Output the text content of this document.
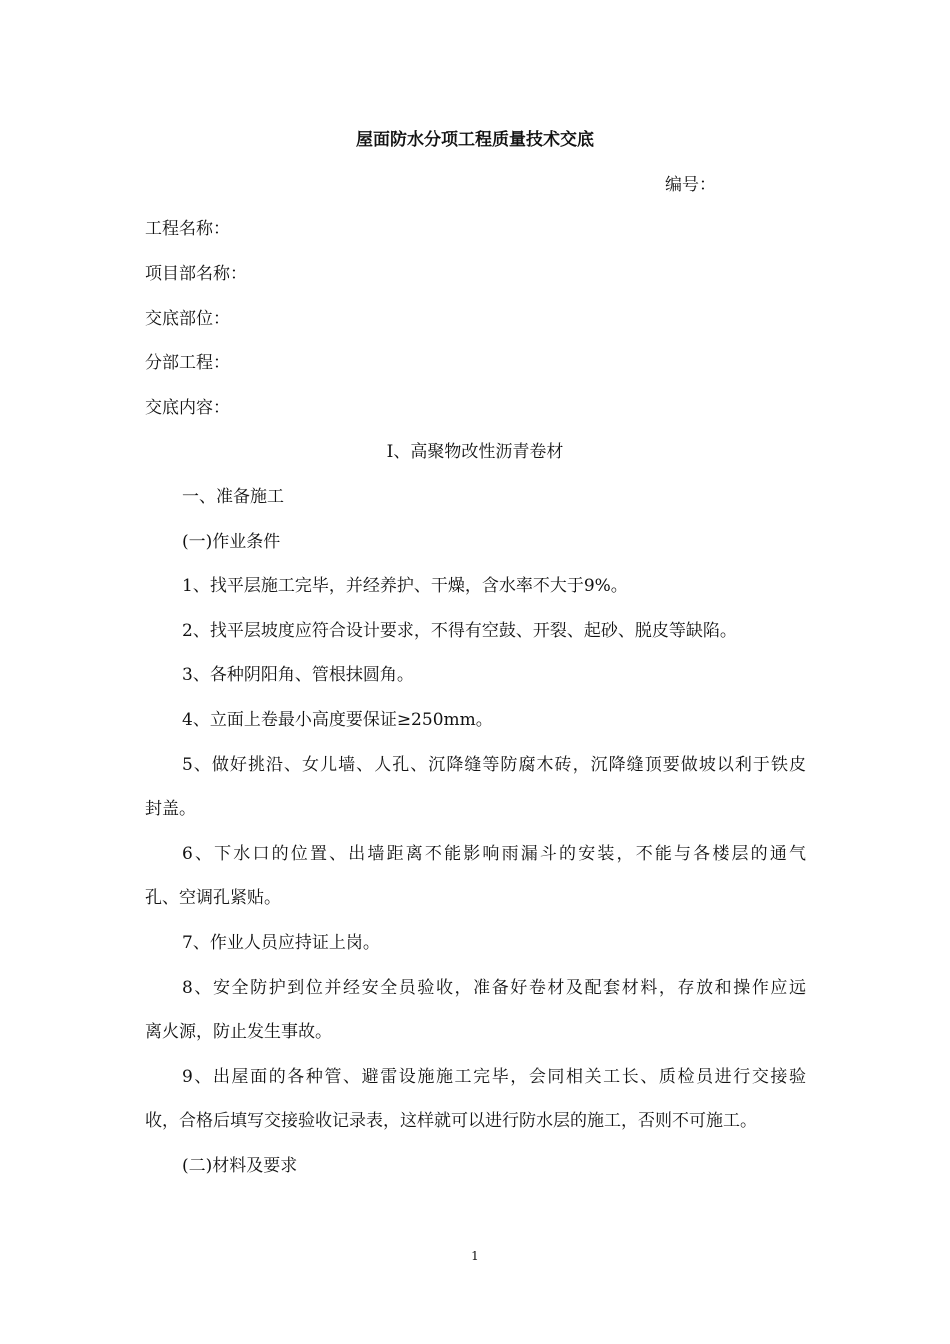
屋面防水分项工程质量技术交底
编号：
工程名称：
项目部名称：
交底部位：
分部工程：
交底内容：
Ⅰ、高聚物改性沥青卷材
一、准备施工
(一)作业条件
1、找平层施工完毕，并经养护、干燥，含水率不大于9%。
2、找平层坡度应符合设计要求，不得有空鼓、开裂、起砂、脱皮等缺陷。
3、各种阴阳角、管根抹圆角。
4、立面上卷最小高度要保证≥250mm。
5、做好挑沿、女儿墙、人孔、沉降缝等防腐木砖，沉降缝顶要做坡以利于铁皮
封盖。
6、下水口的位置、出墙距离不能影响雨漏斗的安装，不能与各楼层的通气
孔、空调孔紧贴。
7、作业人员应持证上岗。
8、安全防护到位并经安全员验收，准备好卷材及配套材料，存放和操作应远
离火源，防止发生事故。
9、出屋面的各种管、避雷设施施工完毕，会同相关工长、质检员进行交接验
收，合格后填写交接验收记录表，这样就可以进行防水层的施工，否则不可施工。
(二)材料及要求
1
